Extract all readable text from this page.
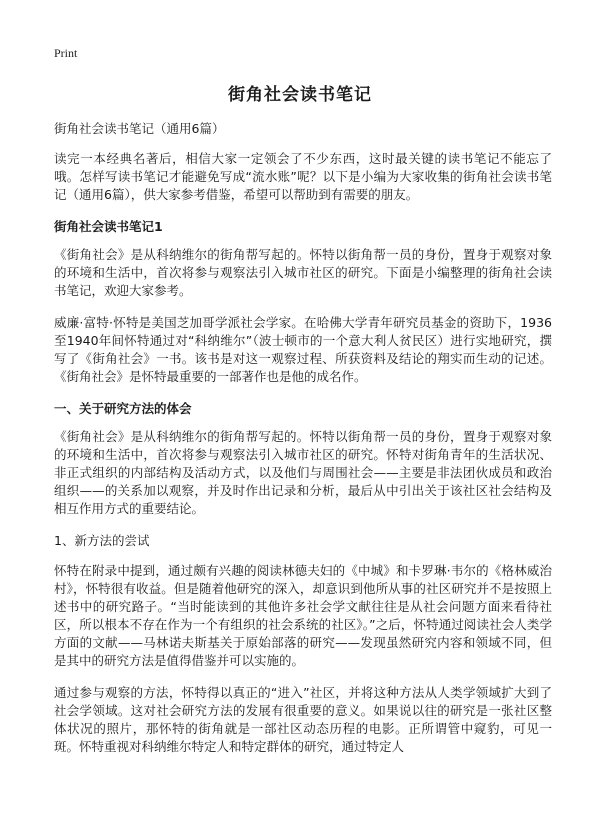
Print
街角社会读书笔记

街角社会读书笔记（通用6篇）

读完一本经典名著后，相信大家一定领会了不少东西，这时最关键的读书笔记不能忘了哦。怎样写读书笔记才能避免写成“流水账”呢？以下是小编为大家收集的街角社会读书笔记（通用6篇），供大家参考借鉴，希望可以帮助到有需要的朋友。

街角社会读书笔记1

《街角社会》是从科纳维尔的街角帮写起的。怀特以街角帮一员的身份，置身于观察对象的环境和生活中，首次将参与观察法引入城市社区的研究。下面是小编整理的街角社会读书笔记，欢迎大家参考。

威廉·富特·怀特是美国芝加哥学派社会学家。在哈佛大学青年研究员基金的资助下，1936至1940年间怀特通过对“科纳维尔”（波士顿市的一个意大利人贫民区）进行实地研究，撰写了《街角社会》一书。该书是对这一观察过程、所获资料及结论的翔实而生动的记述。《街角社会》是怀特最重要的一部著作也是他的成名作。

一、关于研究方法的体会

《街角社会》是从科纳维尔的街角帮写起的。怀特以街角帮一员的身份，置身于观察对象的环境和生活中，首次将参与观察法引入城市社区的研究。怀特对街角青年的生活状况、非正式组织的内部结构及活动方式，以及他们与周围社会——主要是非法团伙成员和政治组织——的关系加以观察，并及时作出记录和分析，最后从中引出关于该社区社会结构及相互作用方式的重要结论。

1、新方法的尝试

怀特在附录中提到，通过颇有兴趣的阅读林德夫妇的《中城》和卡罗琳·韦尔的《格林威治村》，怀特很有收益。但是随着他研究的深入，却意识到他所从事的社区研究并不是按照上述书中的研究路子。“当时能读到的其他许多社会学文献往往是从社会问题方面来看待社区，所以根本不存在作为一个有组织的社会系统的社区》。”之后，怀特通过阅读社会人类学方面的文献——马林诺夫斯基关于原始部落的研究——发现虽然研究内容和领域不同，但是其中的研究方法是值得借鉴并可以实施的。

通过参与观察的方法，怀特得以真正的“进入”社区，并将这种方法从人类学领域扩大到了社会学领域。这对社会研究方法的发展有很重要的意义。如果说以往的研究是一张社区整体状况的照片，那怀特的街角就是一部社区动态历程的电影。正所谓管中窥豹，可见一斑。怀特重视对科纳维尔特定人和特定群体的研究，通过特定人
